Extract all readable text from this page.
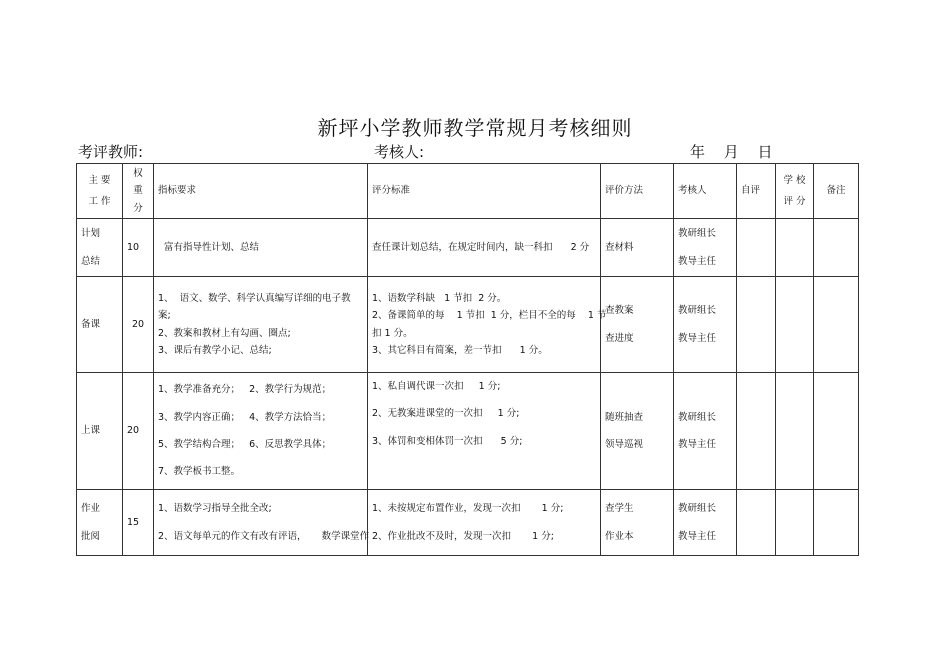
新坪小学教师教学常规月考核细则
考评教师:	考核人:	年 月 日
主 要
工 作	权
重
分	指标要求	评分标准	评价方法	考核人	自评	学 校
评 分	备注

计划
总结	10	富有指导性计划、总结	查任课计划总结，在规定时间内，缺一科扣      2 分	查材料	教研组长
教导主任			

备课	20	1、  语文、数学、科学认真编写详细的电子教
案;
2、教案和教材上有勾画、圈点;
3、课后有教学小记、总结;	1、语数学科缺   1 节扣  2 分。
2、备课简单的每    1 节扣  1 分，栏目不全的每    1 节
扣 1 分。
3、其它科目有简案，差一节扣      1 分。	查教案
查进度	教研组长
教导主任			

上课	20	1、教学准备充分；   2、教学行为规范；
3、教学内容正确；   4、教学方法恰当；
5、教学结构合理；   6、反思教学具体；
7、教学板书工整。	1、私自调代课一次扣     1 分;
2、无教案进课堂的一次扣     1 分;
3、体罚和变相体罚一次扣      5 分;	随班抽查
领导巡视	教研组长
教导主任			

作业
批阅	15	1、语数学习指导全批全改;
2、语文每单元的作文有改有评语，     数学课堂作	1、未按规定布置作业，发现一次扣       1 分;
2、作业批改不及时，发现一次扣       1 分;	查学生
作业本	教研组长
教导主任			
